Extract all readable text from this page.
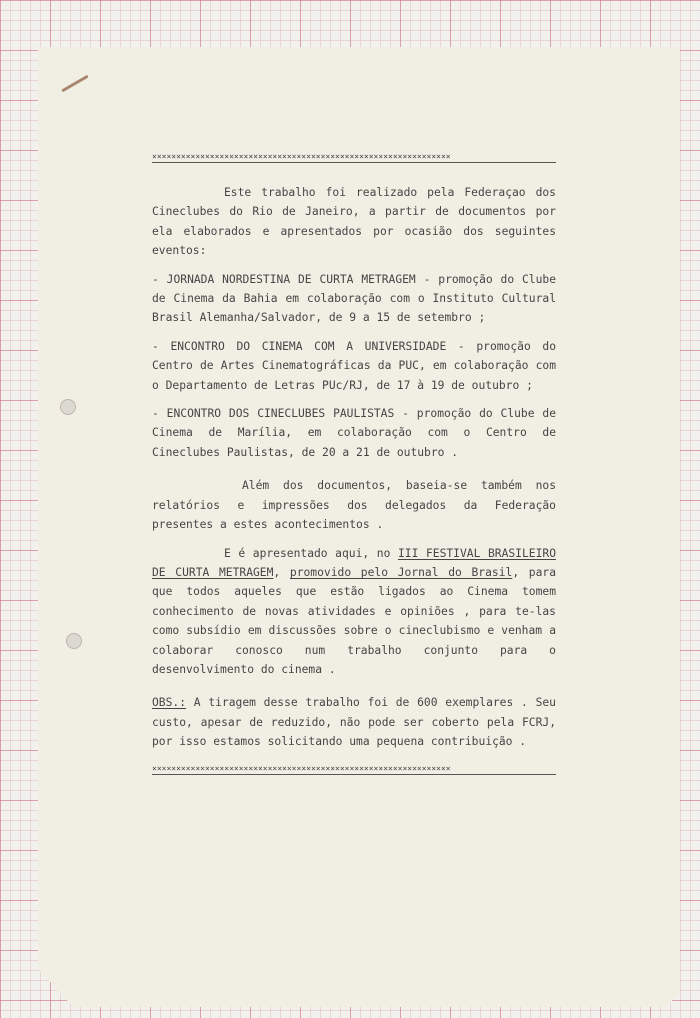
××××××××××××××××××××××××××××××××××××××××××××××××××××××××××××××

Este trabalho foi realizado pela Federaçao dos Cineclubes do Rio de Janeiro, a partir de documentos por ela elaborados e apresentados por ocasião dos seguintes eventos:

- JORNADA NORDESTINA DE CURTA METRAGEM - promoção do Clube de Cinema da Bahia em colaboração com o Instituto Cultural Brasil Alemanha/Salvador, de 9 a 15 de setembro ;

- ENCONTRO DO CINEMA COM A UNIVERSIDADE - promoção do Centro de Artes Cinematográficas da PUC, em colaboração com o Departamento de Letras PUc/RJ, de 17 à 19 de outubro ;

- ENCONTRO DOS CINECLUBES PAULISTAS - promoção do Clube de Cinema de Marília, em colaboração com o Centro de Cineclubes Paulistas, de 20 a 21 de outubro .

Além dos documentos, baseia-se também nos relatórios e impressões dos delegados da Federação presentes a estes acontecimentos .

E é apresentado aqui, no III FESTIVAL BRASILEIRO DE CURTA METRAGEM, promovido pelo Jornal do Brasil, para que todos aqueles que estão ligados ao Cinema tomem conhecimento de novas atividades e opiniões , para te-las como subsídio em discussões sobre o cineclubismo e venham a colaborar conosco num trabalho conjunto para o desenvolvimento do cinema .

OBS.: A tiragem desse trabalho foi de 600 exemplares . Seu custo, apesar de reduzido, não pode ser coberto pela FCRJ, por isso estamos solicitando uma pequena contribuição .

××××××××××××××××××××××××××××××××××××××××××××××××××××××××××××××
